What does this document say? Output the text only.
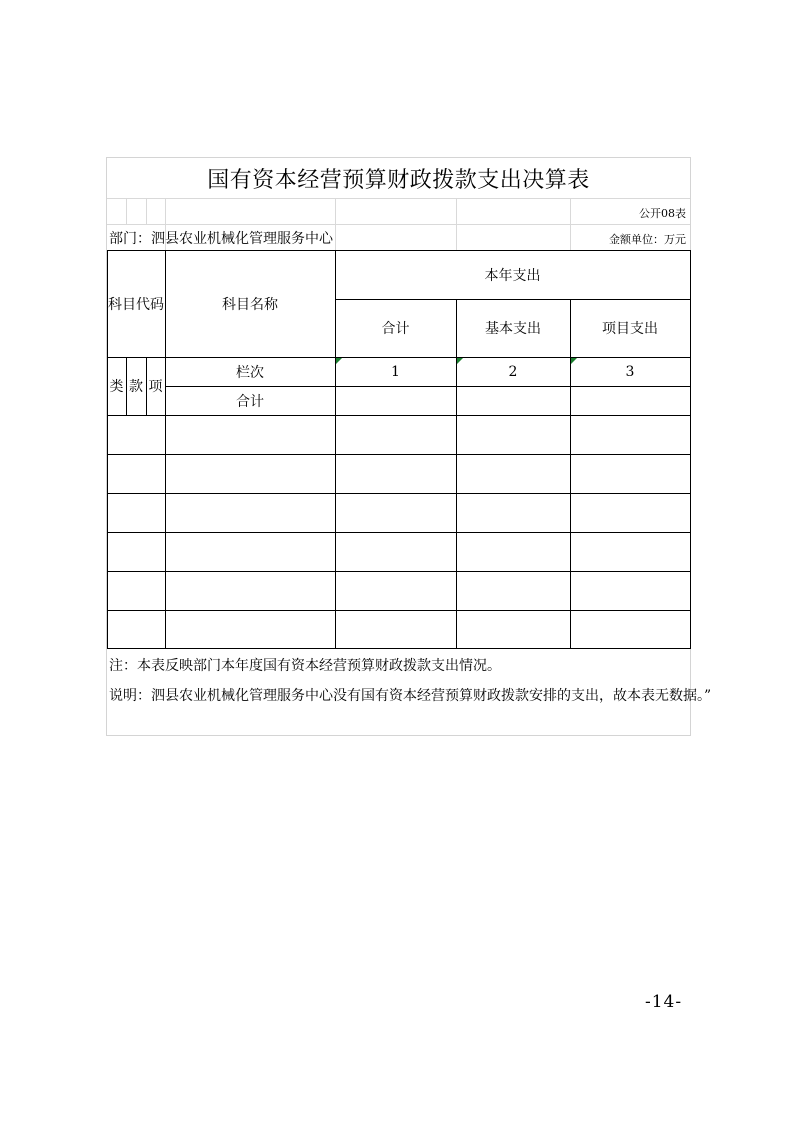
国有资本经营预算财政拨款支出决算表
公开08表
部门：泗县农业机械化管理服务中心	金额单位：万元
科目代码	科目名称
本年支出
合计	基本支出	项目支出
类 款 项
栏次	1	2	3
合计
注：本表反映部门本年度国有资本经营预算财政拨款支出情况。
说明：泗县农业机械化管理服务中心没有国有资本经营预算财政拨款安排的支出，故本表无数据。”
-14-
